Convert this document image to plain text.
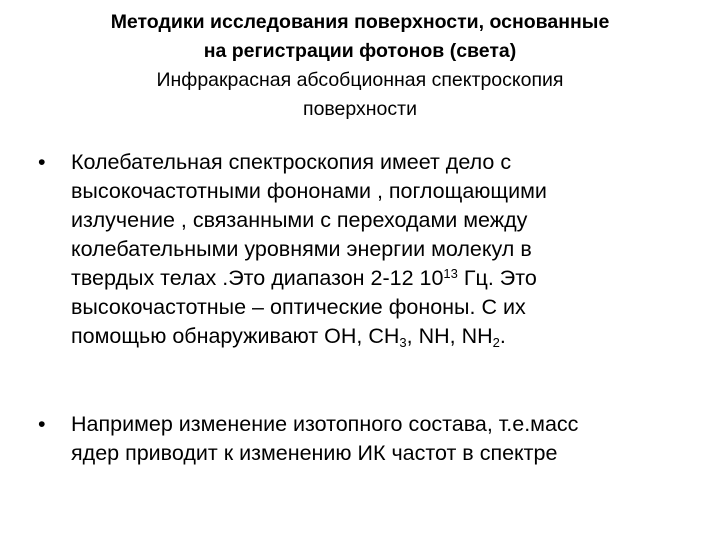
Методики исследования поверхности, основанные
на регистрации фотонов (света)
Инфракрасная абсобционная спектроскопия
поверхности
• Колебательная спектроскопия имеет дело с
высокочастотными фононами , поглощающими
излучение , связанными с переходами между
колебательными уровнями энергии молекул в
твердых телах .Это диапазон 2-12 $10^{13}$ Гц. Это
высокочастотные – оптические фононы. С их
помощью обнаруживают ОН, $СН_3$, NH, $NH_2$.
• Например изменение изотопного состава, т.е.масс
ядер приводит к изменению ИК частот в спектре
